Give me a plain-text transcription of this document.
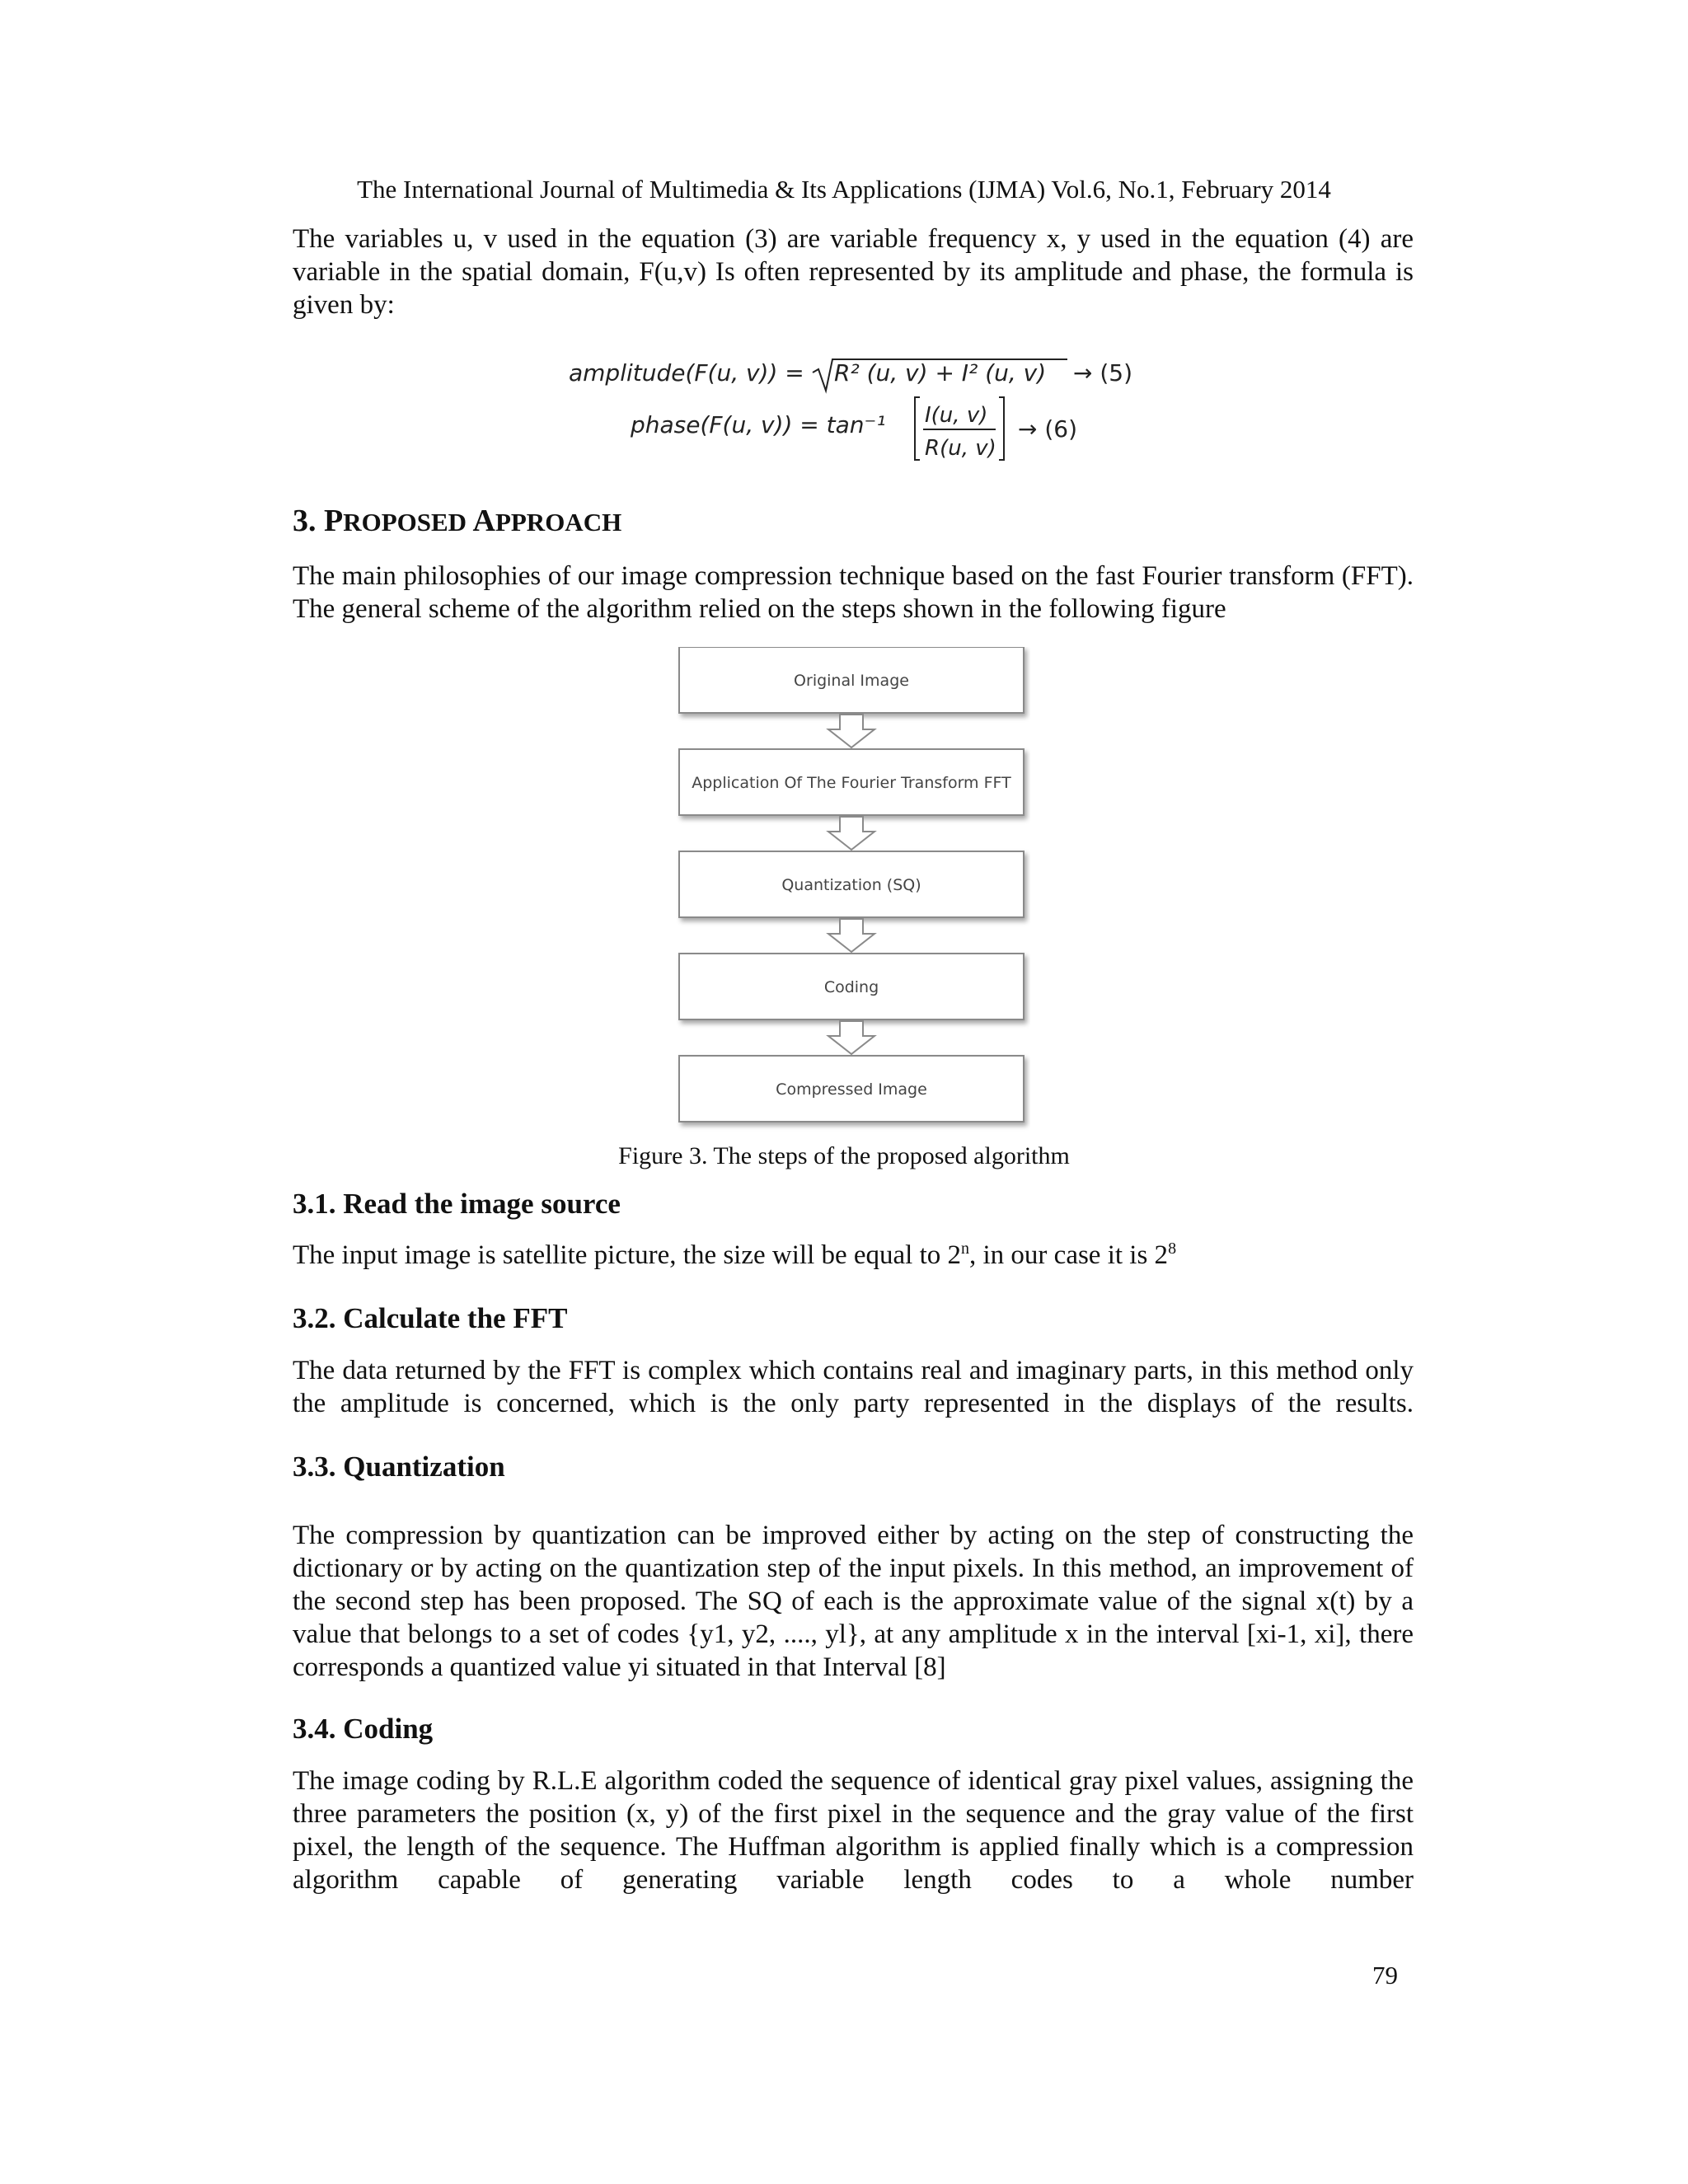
The International Journal of Multimedia & Its Applications (IJMA) Vol.6, No.1, February 2014
The variables u, v used in the equation (3) are variable frequency x, y used in the equation (4) are variable in the spatial domain, F(u,v) Is often represented by its amplitude and phase, the formula is given by:
amplitude(F(u, v)) = R² (u, v) + I² (u, v) → (5)
phase(F(u, v)) = tan⁻¹ I(u, v)
R(u, v)
→ (6)
3. PROPOSED APPROACH
The main philosophies of our image compression technique based on the fast Fourier transform (FFT). The general scheme of the algorithm relied on the steps shown in the following figure
Original Image
Application Of The Fourier Transform FFT
Quantization (SQ)
Coding
Compressed Image
Figure 3. The steps of the proposed algorithm
3.1. Read the image source
The input image is satellite picture, the size will be equal to 2$^n$, in our case it is $2^8$
3.2. Calculate the FFT
The data returned by the FFT is complex which contains real and imaginary parts, in this method only the amplitude is concerned, which is the only party represented in the displays of the results.
3.3. Quantization
The compression by quantization can be improved either by acting on the step of constructing the dictionary or by acting on the quantization step of the input pixels. In this method, an improvement of the second step has been proposed. The SQ of each is the approximate value of the signal x(t) by a value that belongs to a set of codes {y1, y2, ...., yl}, at any amplitude x in the interval [xi-1, xi], there corresponds a quantized value yi situated in that Interval [8]
3.4. Coding
The image coding by R.L.E algorithm coded the sequence of identical gray pixel values, assigning the three parameters the position (x, y) of the first pixel in the sequence and the gray value of the first pixel, the length of the sequence. The Huffman algorithm is applied finally which is a compression algorithm capable of generating variable length codes to a whole number
79
